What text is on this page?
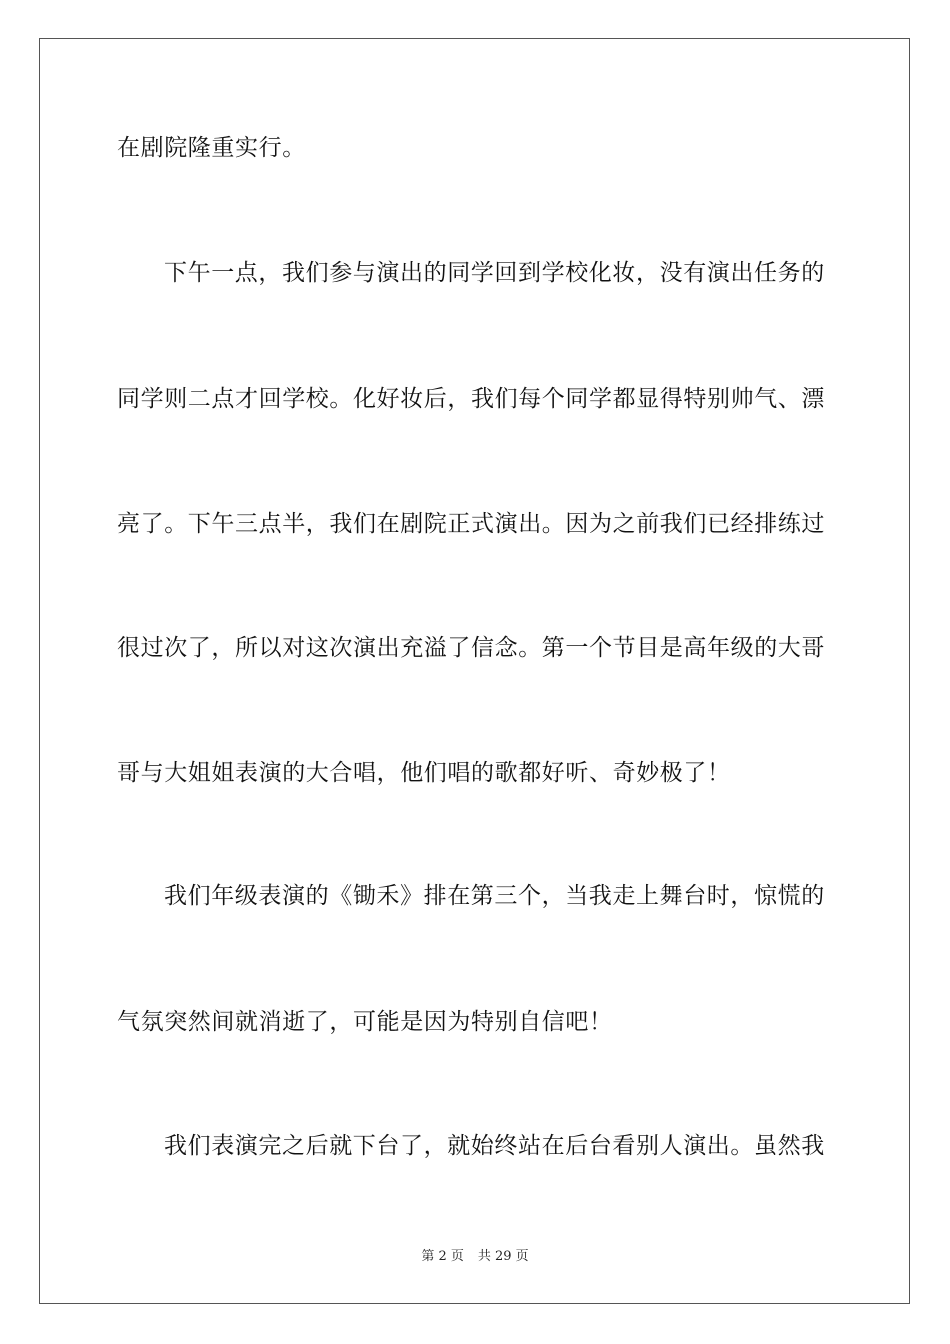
在剧院隆重实行。
下午一点，我们参与演出的同学回到学校化妆，没有演出任务的
同学则二点才回学校。化好妆后，我们每个同学都显得特别帅气、漂
亮了。下午三点半，我们在剧院正式演出。因为之前我们已经排练过
很过次了，所以对这次演出充溢了信念。第一个节目是高年级的大哥
哥与大姐姐表演的大合唱，他们唱的歌都好听、奇妙极了！
我们年级表演的《锄禾》排在第三个，当我走上舞台时，惊慌的
气氛突然间就消逝了，可能是因为特别自信吧！
我们表演完之后就下台了，就始终站在后台看别人演出。虽然我
第 2 页 共 29 页
